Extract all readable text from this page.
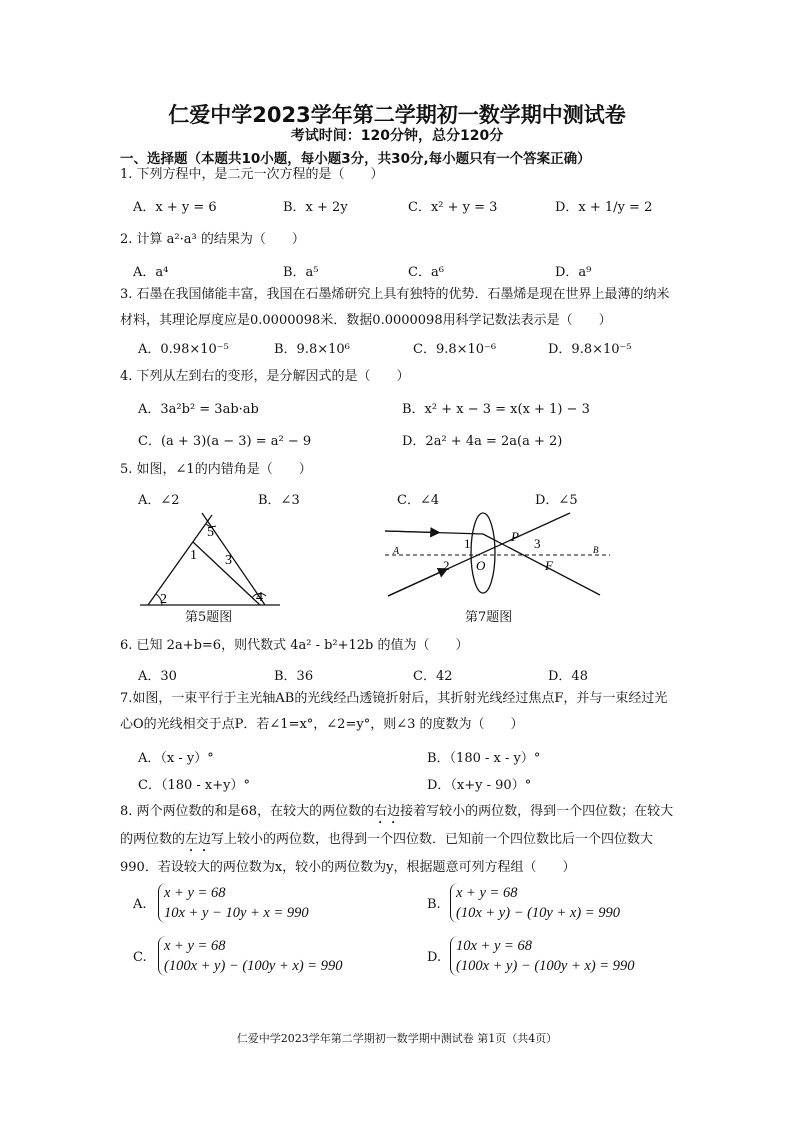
仁爱中学2023学年第二学期初一数学期中测试卷
考试时间：120分钟，总分120分
一、选择题（本题共10小题，每小题3分，共30分,每小题只有一个答案正确）
1. 下列方程中，是二元一次方程的是（　　）
A．x + y = 6	B．x + 2y	C．x² + y = 3	D．x + 1/y = 2
2. 计算 a²·a³ 的结果为（　　）
A．a⁴	B．a⁵	C．a⁶	D．a⁹
3. 石墨在我国储能丰富，我国在石墨烯研究上具有独特的优势．石墨烯是现在世界上最薄的纳米材料，其理论厚度应是0.0000098米．数据0.0000098用科学记数法表示是（　　）
A．0.98×10⁻⁵	B．9.8×10⁶	C．9.8×10⁻⁶	D．9.8×10⁻⁵
4. 下列从左到右的变形，是分解因式的是（　　）
A．3a²b² = 3ab·ab	B．x² + x − 3 = x(x + 1) − 3
C．(a + 3)(a − 3) = a² − 9	D．2a² + 4a = 2a(a + 2)
5. 如图，∠1的内错角是（　　）
A．∠2	B．∠3	C．∠4	D．∠5
5
1 3
2	4
第5题图
1	P 3
A	B
2 O	F
第7题图
6. 已知 2a+b=6，则代数式 4a² - b²+12b 的值为（　　）
A．30	B．36	C．42	D．48
7.如图，一束平行于主光轴AB的光线经凸透镜折射后，其折射光线经过焦点F，并与一束经过光心O的光线相交于点P．若∠1=x°，∠2=y°，则∠3 的度数为（　　）
A．（x - y）°	B．（180 - x - y）°
C．（180 - x+y）°	D．（x+y - 90）°
8. 两个两位数的和是68，在较大的两位数的右边接着写较小的两位数，得到一个四位数；在较大的两位数的左边写上较小的两位数，也得到一个四位数．已知前一个四位数比后一个四位数大990．若设较大的两位数为x，较小的两位数为y，根据题意可列方程组（　　）
A.
x + y = 68
10x + y − 10y + x = 990
B.
x + y = 68
(10x + y) − (10y + x) = 990
C.
x + y = 68
(100x + y) − (100y + x) = 990
D.
10x + y = 68
(100x + y) − (100y + x) = 990
仁爱中学2023学年第二学期初一数学期中测试卷 第1页（共4页）
